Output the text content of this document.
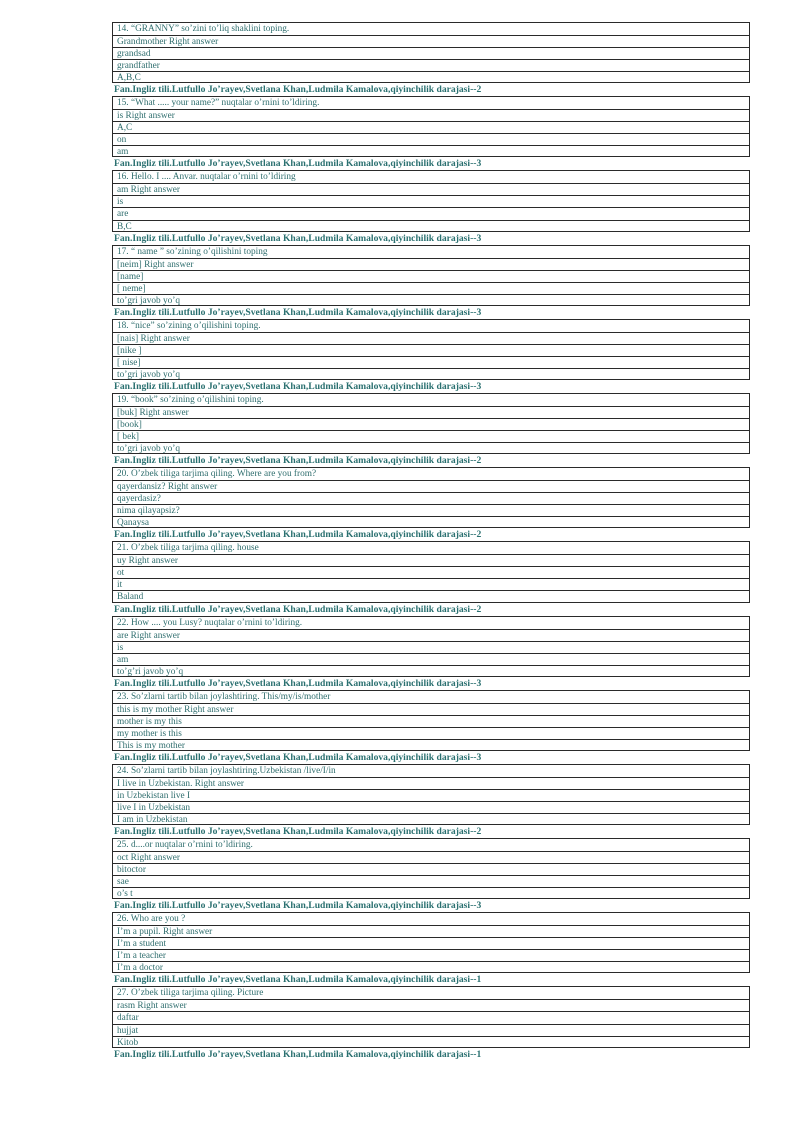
14. “GRANNY” so’zini to’liq shaklini toping.
Grandmother Right answer
grandsad
grandfather
A,B,C
Fan.Ingliz tili.Lutfullo Jo’rayev,Svetlana Khan,Ludmila Kamalova,qiyinchilik darajasi--2
15. “What ..... your name?” nuqtalar o’rnini to’ldiring.
is Right answer
A,C
on
am
Fan.Ingliz tili.Lutfullo Jo’rayev,Svetlana Khan,Ludmila Kamalova,qiyinchilik darajasi--3
16. Hello. I .... Anvar. nuqtalar o’rnini to’ldiring
am Right answer
is
are
B,C
Fan.Ingliz tili.Lutfullo Jo’rayev,Svetlana Khan,Ludmila Kamalova,qiyinchilik darajasi--3
17. “ name ” so’zining o’qilishini toping
[neim] Right answer
[name]
[ neme]
to’gri javob yo’q
Fan.Ingliz tili.Lutfullo Jo’rayev,Svetlana Khan,Ludmila Kamalova,qiyinchilik darajasi--3
18. “nice” so’zining o’qilishini toping.
[nais] Right answer
[nike ]
[ nise]
to’gri javob yo’q
Fan.Ingliz tili.Lutfullo Jo’rayev,Svetlana Khan,Ludmila Kamalova,qiyinchilik darajasi--3
19. “book” so’zining o’qilishini toping.
[buk] Right answer
[book]
[ bek]
to’gri javob yo’q
Fan.Ingliz tili.Lutfullo Jo’rayev,Svetlana Khan,Ludmila Kamalova,qiyinchilik darajasi--2
20. O’zbek tiliga tarjima qiling. Where are you from?
qayerdansiz? Right answer
qayerdasiz?
nima qilayapsiz?
Qanaysa
Fan.Ingliz tili.Lutfullo Jo’rayev,Svetlana Khan,Ludmila Kamalova,qiyinchilik darajasi--2
21. O’zbek tiliga tarjima qiling. house
uy Right answer
ot
it
Baland
Fan.Ingliz tili.Lutfullo Jo’rayev,Svetlana Khan,Ludmila Kamalova,qiyinchilik darajasi--2
22. How .... you Lusy? nuqtalar o’rnini to’ldiring.
are Right answer
is
am
to’g’ri javob yo’q
Fan.Ingliz tili.Lutfullo Jo’rayev,Svetlana Khan,Ludmila Kamalova,qiyinchilik darajasi--3
23. So’zlarni tartib bilan joylashtiring. This/my/is/mother
this is my mother Right answer
mother is my this
my mother is this
This is my mother
Fan.Ingliz tili.Lutfullo Jo’rayev,Svetlana Khan,Ludmila Kamalova,qiyinchilik darajasi--3
24. So’zlarni tartib bilan joylashtiring.Uzbekistan /live/I/in
I live in Uzbekistan. Right answer
in Uzbekistan live I
live I in Uzbekistan
I am in Uzbekistan
Fan.Ingliz tili.Lutfullo Jo’rayev,Svetlana Khan,Ludmila Kamalova,qiyinchilik darajasi--2
25. d....or nuqtalar o’rnini to’ldiring.
oct Right answer
bitoctor
sae
o’s t
Fan.Ingliz tili.Lutfullo Jo’rayev,Svetlana Khan,Ludmila Kamalova,qiyinchilik darajasi--3
26. Who are you ?
I’m a pupil. Right answer
I’m a student
I’m a teacher
I’m a doctor
Fan.Ingliz tili.Lutfullo Jo’rayev,Svetlana Khan,Ludmila Kamalova,qiyinchilik darajasi--1
27. O’zbek tiliga tarjima qiling. Picture
rasm Right answer
daftar
hujjat
Kitob
Fan.Ingliz tili.Lutfullo Jo’rayev,Svetlana Khan,Ludmila Kamalova,qiyinchilik darajasi--1
